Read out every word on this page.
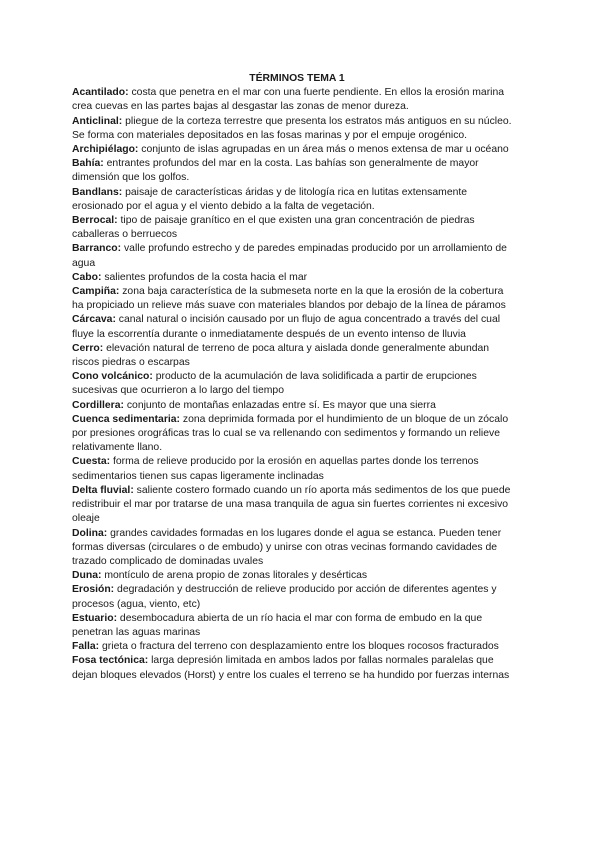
TÉRMINOS TEMA 1

Acantilado: costa que penetra en el mar con una fuerte pendiente. En ellos la erosión marina crea cuevas en las partes bajas al desgastar las zonas de menor dureza.

Anticlinal: pliegue de la corteza terrestre que presenta los estratos más antiguos en su núcleo. Se forma con materiales depositados en las fosas marinas y por el empuje orogénico.

Archipiélago: conjunto de islas agrupadas en un área más o menos extensa de mar u océano

Bahía: entrantes profundos del mar en la costa. Las bahías son generalmente de mayor dimensión que los golfos.

Bandlans: paisaje de características áridas y de litología rica en lutitas extensamente erosionado por el agua y el viento debido a la falta de vegetación.

Berrocal: tipo de paisaje granítico en el que existen una gran concentración de piedras caballeras o berruecos

Barranco: valle profundo estrecho y de paredes empinadas producido por un arrollamiento de agua

Cabo: salientes profundos de la costa hacia el mar

Campiña: zona baja característica de la submeseta norte en la que la erosión de la cobertura ha propiciado un relieve más suave con materiales blandos por debajo de la línea de páramos

Cárcava: canal natural o incisión causado por un flujo de agua concentrado a través del cual fluye la escorrentía durante o inmediatamente después de un evento intenso de lluvia

Cerro: elevación natural de terreno de poca altura y aislada donde generalmente abundan riscos piedras o escarpas

Cono volcánico: producto de la acumulación de lava solidificada a partir de erupciones sucesivas que ocurrieron a lo largo del tiempo

Cordillera: conjunto de montañas enlazadas entre sí. Es mayor que una sierra

Cuenca sedimentaria: zona deprimida formada por el hundimiento de un bloque de un zócalo por presiones orográficas tras lo cual se va rellenando con sedimentos y formando un relieve relativamente llano.

Cuesta: forma de relieve producido por la erosión en aquellas partes donde los terrenos sedimentarios tienen sus capas ligeramente inclinadas

Delta fluvial: saliente costero formado cuando un río aporta más sedimentos de los que puede redistribuir el mar por tratarse de una masa tranquila de agua sin fuertes corrientes ni excesivo oleaje

Dolina: grandes cavidades formadas en los lugares donde el agua se estanca. Pueden tener formas diversas (circulares o de embudo) y unirse con otras vecinas formando cavidades de trazado complicado de dominadas uvales

Duna: montículo de arena propio de zonas litorales y desérticas

Erosión: degradación y destrucción de relieve producido por acción de diferentes agentes y procesos (agua, viento, etc)

Estuario: desembocadura abierta de un río hacia el mar con forma de embudo en la que penetran las aguas marinas

Falla: grieta o fractura del terreno con desplazamiento entre los bloques rocosos fracturados

Fosa tectónica: larga depresión limitada en ambos lados por fallas normales paralelas que dejan bloques elevados (Horst) y entre los cuales el terreno se ha hundido por fuerzas internas
